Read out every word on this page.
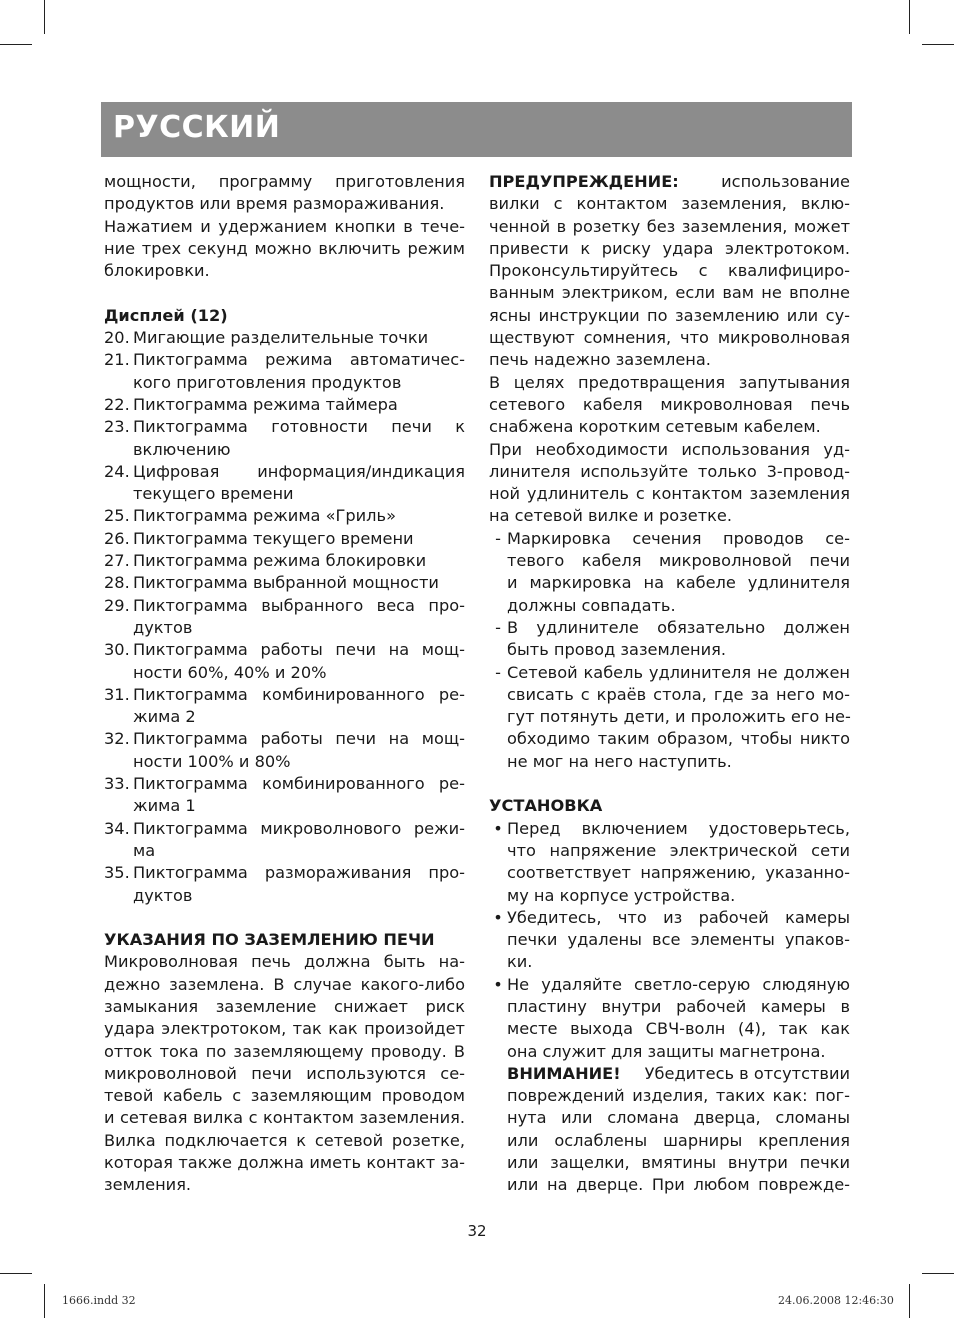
РУССКИЙ
мощности, программу приготовления
продуктов или время размораживания.
Нажатием и удержанием кнопки в тече-
ние трех секунд можно включить режим
блокировки.
Дисплей (12)
20. Мигающие разделительные точки
21. Пиктограмма режима автоматичес-
кого приготовления продуктов
22. Пиктограмма режима таймера
23. Пиктограмма готовности печи к
включению
24. Цифровая информация/индикация
текущего времени
25. Пиктограмма режима «Гриль»
26. Пиктограмма текущего времени
27. Пиктограмма режима блокировки
28. Пиктограмма выбранной мощности
29. Пиктограмма выбранного веса про-
дуктов
30. Пиктограмма работы печи на мощ-
ности 60%, 40% и 20%
31. Пиктограмма комбинированного ре-
жима 2
32. Пиктограмма работы печи на мощ-
ности 100% и 80%
33. Пиктограмма комбинированного ре-
жима 1
34. Пиктограмма микроволнового режи-
ма
35. Пиктограмма размораживания про-
дуктов
УКАЗАНИЯ ПО ЗАЗЕМЛЕНИЮ ПЕЧИ
Микроволновая печь должна быть на-
дежно заземлена. В случае какого-либо
замыкания заземление снижает риск
удара электротоком, так как произойдет
отток тока по заземляющему проводу. В
микроволновой печи используются се-
тевой кабель с заземляющим проводом
и сетевая вилка с контактом заземления.
Вилка подключается к сетевой розетке,
которая также должна иметь контакт за-
земления.
ПРЕДУПРЕЖДЕНИЕ:	использование
вилки с контактом заземления, вклю-
ченной в розетку без заземления, может
привести к риску удара электротоком.
Проконсультируйтесь с квалифициро-
ванным электриком, если вам не вполне
ясны инструкции по заземлению или су-
ществуют сомнения, что микроволновая
печь надежно заземлена.
В целях предотвращения запутывания
сетевого кабеля микроволновая печь
снабжена коротким сетевым кабелем.
При необходимости использования уд-
линителя используйте только 3-провод-
ной удлинитель с контактом заземления
на сетевой вилке и розетке.
- Маркировка сечения проводов се-
тевого кабеля микроволновой печи
и маркировка на кабеле удлинителя
должны совпадать.
- В удлинителе обязательно должен
быть провод заземления.
- Сетевой кабель удлинителя не должен
свисать с краёв стола, где за него мо-
гут потянуть дети, и проложить его не-
обходимо таким образом, чтобы никто
не мог на него наступить.
УСТАНОВКА
• Перед включением удостоверьтесь,
что напряжение электрической сети
соответствует напряжению, указанно-
му на корпусе устройства.
• Убедитесь, что из рабочей камеры
печки удалены все элементы упаков-
ки.
• Не удаляйте светло-серую слюдяную
пластину внутри рабочей камеры в
месте выхода СВЧ-волн (4), так как
она служит для защиты магнетрона.
ВНИМАНИЕ! Убедитесь в отсутствии
повреждений изделия, таких как: пог-
нута или сломана дверца, сломаны
или ослаблены шарниры крепления
или защелки, вмятины внутри печки
или на дверце. При любом поврежде-
32
1666.indd 32	24.06.2008 12:46:30
